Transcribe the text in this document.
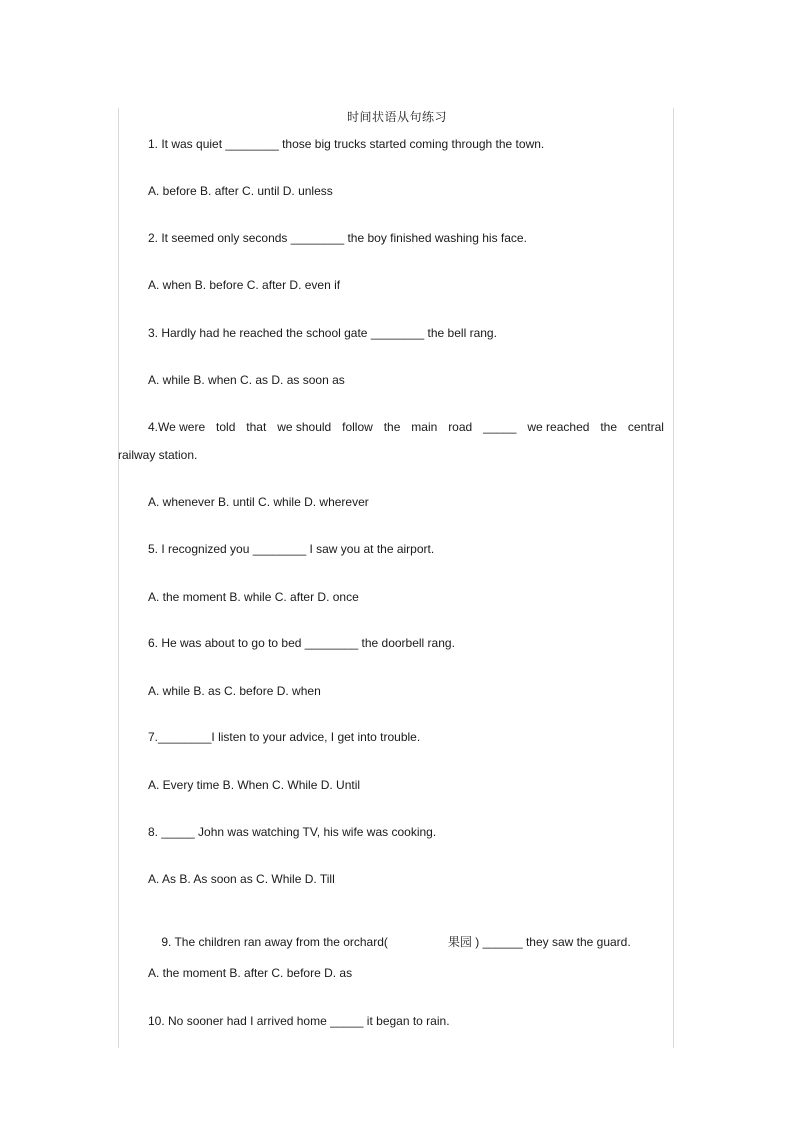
时间状语从句练习
1. It was quiet ________ those big trucks started coming through the town.
A. before B. after C. until D. unless
2. It seemed only seconds ________ the boy finished washing his face.
A. when B. before C. after D. even if
3. Hardly had he reached the school gate ________ the bell rang.
A. while B. when C. as D. as soon as
4.We were told that we should follow the main road _____ we reached the central
railway station.
A. whenever B. until C. while D. wherever
5. I recognized you ________ I saw you at the airport.
A. the moment B. while C. after D. once
6. He was about to go to bed ________ the doorbell rang.
A. while B. as C. before D. when
7.________I listen to your advice, I get into trouble.
A. Every time B. When C. While D. Until
8. _____ John was watching TV, his wife was cooking.
A. As B. As soon as C. While D. Till

9. The children ran away from the orchard(	果园 ) ______ they saw the guard.

A. the moment B. after C. before D. as
10. No sooner had I arrived home _____ it began to rain.
